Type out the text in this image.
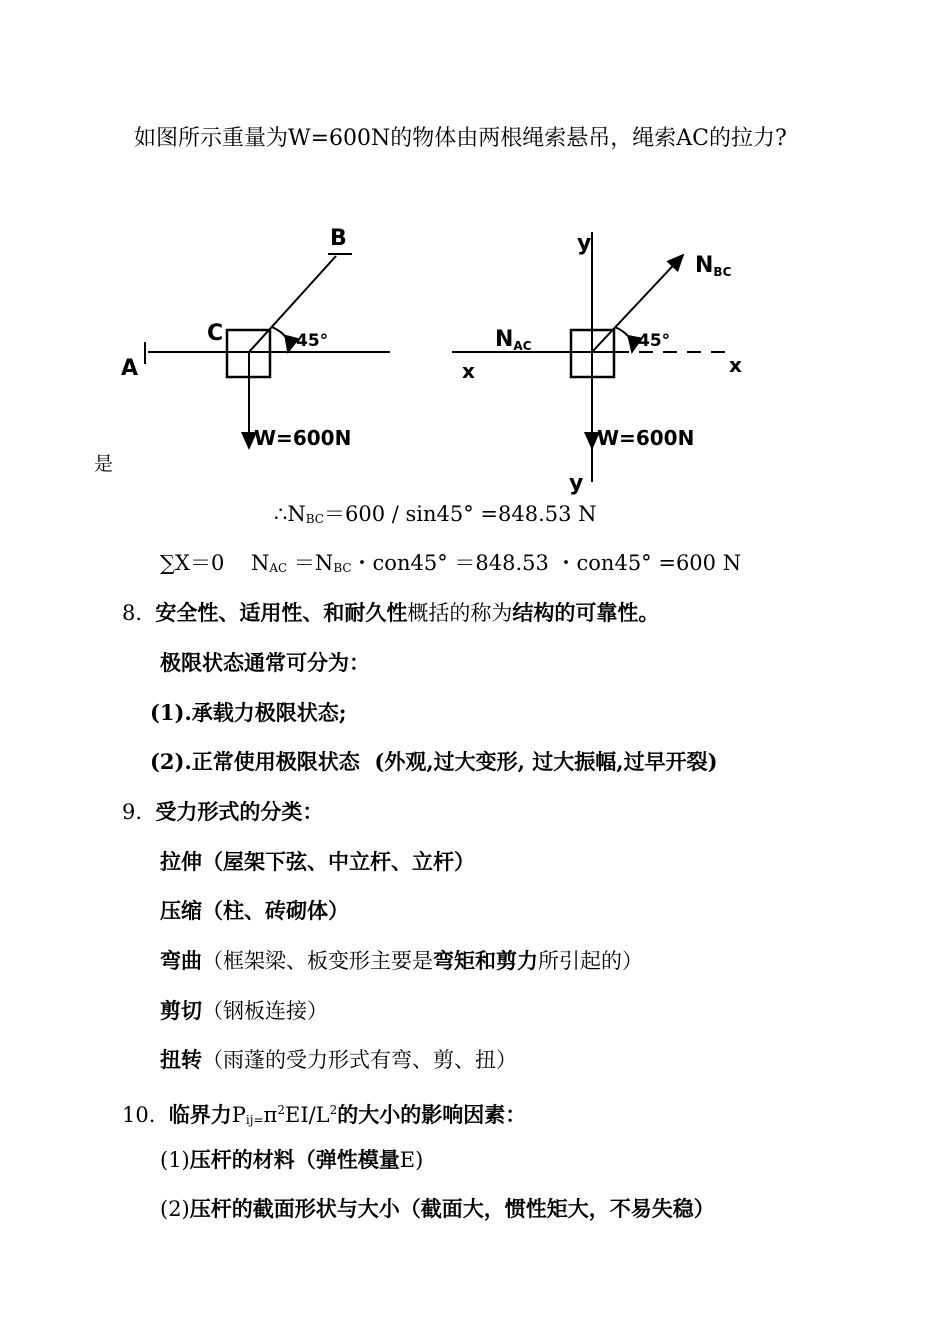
如图所示重量为W=600N的物体由两根绳索悬吊，绳索AC的拉力?
是
A
B
C	45°
W=600N
y
y
x	x
NBC
NAC	45°
W=600N
$\therefore N_{BC}=600 / \sin 45^\circ =848.53$ N
∑X＝0    $N_{AC} =N_{BC}$・con45° ＝848.53 ・con45° =600 N
8. 安全性、适用性、和耐久性概括的称为结构的可靠性。
极限状态通常可分为：
(1).承载力极限状态;
(2).正常使用极限状态  (外观,过大变形, 过大振幅,过早开裂)
9. 受力形式的分类：
拉伸（屋架下弦、中立杆、立杆）
压缩（柱、砖砌体）
弯曲（框架梁、板变形主要是弯矩和剪力所引起的）
剪切（钢板连接）
扭转（雨蓬的受力形式有弯、剪、扭）
10. 临界力$P_{ij=}\pi^2EI/L^2$的大小的影响因素：
(1)压杆的材料（弹性模量E)
(2)压杆的截面形状与大小（截面大，惯性矩大，不易失稳）
